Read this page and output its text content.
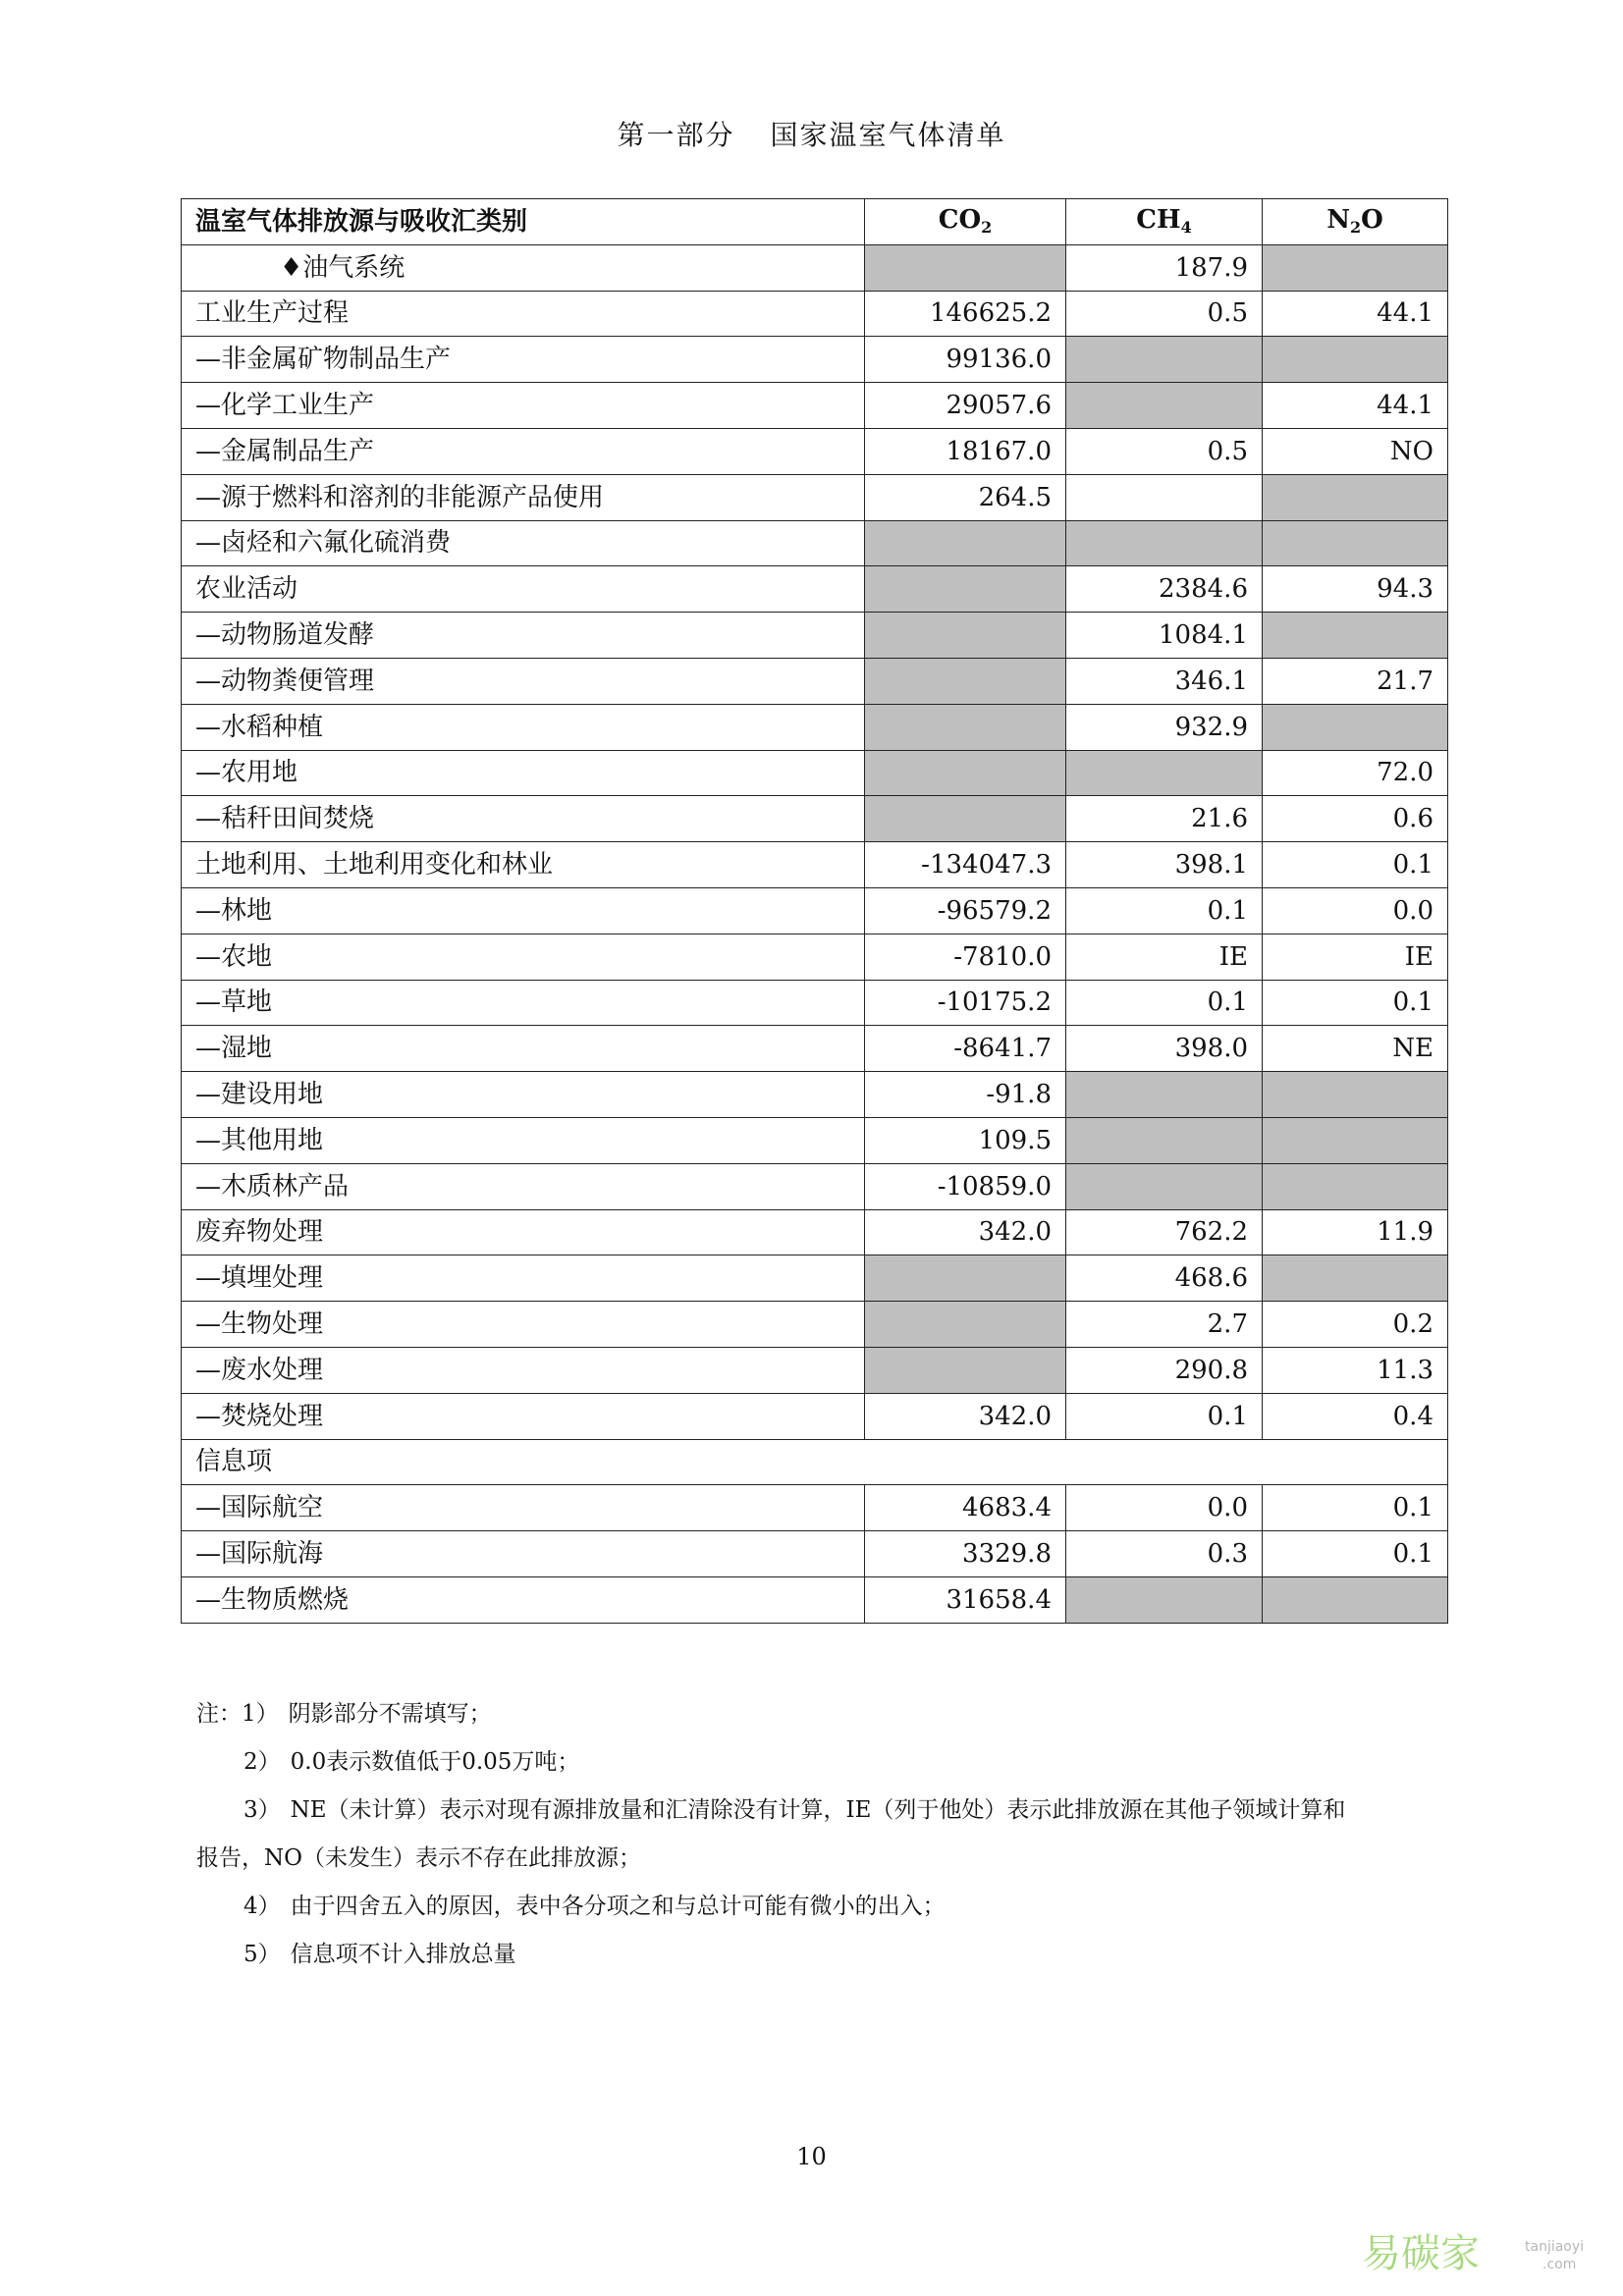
第一部分 国家温室气体清单
温室气体排放源与吸收汇类别	$CO_2$	$CH_4$	$N_2O$
♦油气系统		187.9	
工业生产过程	146625.2	0.5	44.1
—非金属矿物制品生产	99136.0		
—化学工业生产	29057.6		44.1
—金属制品生产	18167.0	0.5	NO
—源于燃料和溶剂的非能源产品使用	264.5		
—卤烃和六氟化硫消费			
农业活动		2384.6	94.3
—动物肠道发酵		1084.1	
—动物粪便管理		346.1	21.7
—水稻种植		932.9	
—农用地			72.0
—秸秆田间焚烧		21.6	0.6
土地利用、土地利用变化和林业	-134047.3	398.1	0.1
—林地	-96579.2	0.1	0.0
—农地	-7810.0	IE	IE
—草地	-10175.2	0.1	0.1
—湿地	-8641.7	398.0	NE
—建设用地	-91.8		
—其他用地	109.5		
—木质林产品	-10859.0		
废弃物处理	342.0	762.2	11.9
—填埋处理		468.6	
—生物处理		2.7	0.2
—废水处理		290.8	11.3
—焚烧处理	342.0	0.1	0.4
信息项			
—国际航空	4683.4	0.0	0.1
—国际航海	3329.8	0.3	0.1
—生物质燃烧	31658.4		
注：1） 阴影部分不需填写；
2） 0.0表示数值低于0.05万吨；
3） NE（未计算）表示对现有源排放量和汇清除没有计算，IE（列于他处）表示此排放源在其他子领域计算和
报告，NO（未发生）表示不存在此排放源；
4） 由于四舍五入的原因，表中各分项之和与总计可能有微小的出入；
5） 信息项不计入排放总量
10
易碳家	tanjiaoyi
.com
